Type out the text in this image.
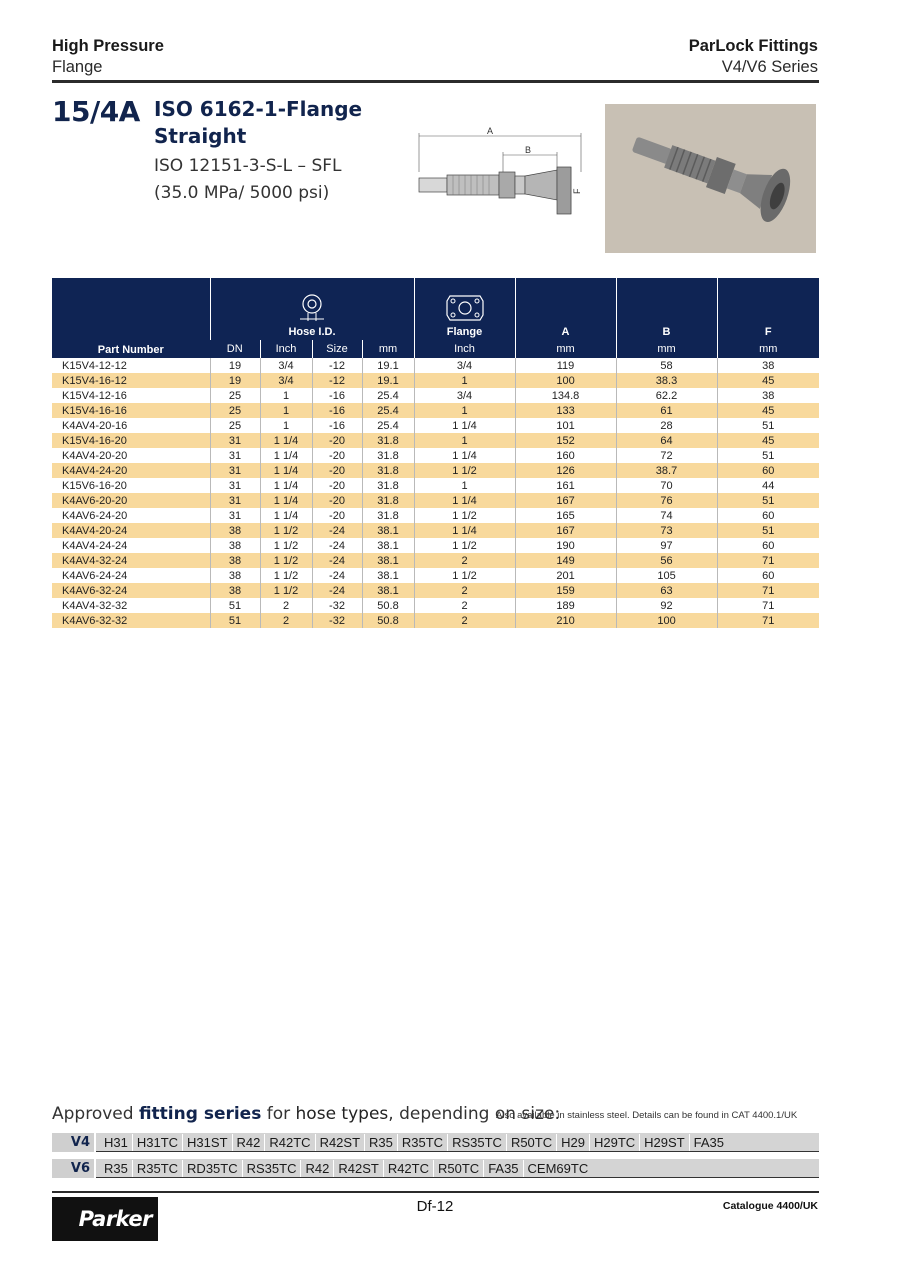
High Pressure
Flange
ParLock Fittings
V4/V6 Series
15/4A ISO 6162-1-Flange
Straight
ISO 12151-3-S-L – SFL
(35.0 MPa/ 5000 psi)
A
B
F
Part Number	Hose I.D.				Flange	A	B	F
	DN	Inch	Size	mm	Inch	mm	mm	mm
K15V4-12-12	19	3/4	-12	19.1	3/4	119	58	38
K15V4-16-12	19	3/4	-12	19.1	1	100	38.3	45
K15V4-12-16	25	1	-16	25.4	3/4	134.8	62.2	38
K15V4-16-16	25	1	-16	25.4	1	133	61	45
K4AV4-20-16	25	1	-16	25.4	1 1/4	101	28	51
K15V4-16-20	31	1 1/4	-20	31.8	1	152	64	45
K4AV4-20-20	31	1 1/4	-20	31.8	1 1/4	160	72	51
K4AV4-24-20	31	1 1/4	-20	31.8	1 1/2	126	38.7	60
K15V6-16-20	31	1 1/4	-20	31.8	1	161	70	44
K4AV6-20-20	31	1 1/4	-20	31.8	1 1/4	167	76	51
K4AV6-24-20	31	1 1/4	-20	31.8	1 1/2	165	74	60
K4AV4-20-24	38	1 1/2	-24	38.1	1 1/4	167	73	51
K4AV4-24-24	38	1 1/2	-24	38.1	1 1/2	190	97	60
K4AV4-32-24	38	1 1/2	-24	38.1	2	149	56	71
K4AV6-24-24	38	1 1/2	-24	38.1	1 1/2	201	105	60
K4AV6-32-24	38	1 1/2	-24	38.1	2	159	63	71
K4AV4-32-32	51	2	-32	50.8	2	189	92	71
K4AV6-32-32	51	2	-32	50.8	2	210	100	71
Approved fitting series for hose types, depending on size:
Also available in stainless steel. Details can be found in CAT 4400.1/UK
V4	H31 H31TC H31ST R42 R42TC R42ST R35 R35TC RS35TC R50TC H29 H29TC H29ST FA35
V6	R35 R35TC RD35TC RS35TC R42 R42ST R42TC R50TC FA35 CEM69TC
Parker
Df-12	Catalogue 4400/UK
